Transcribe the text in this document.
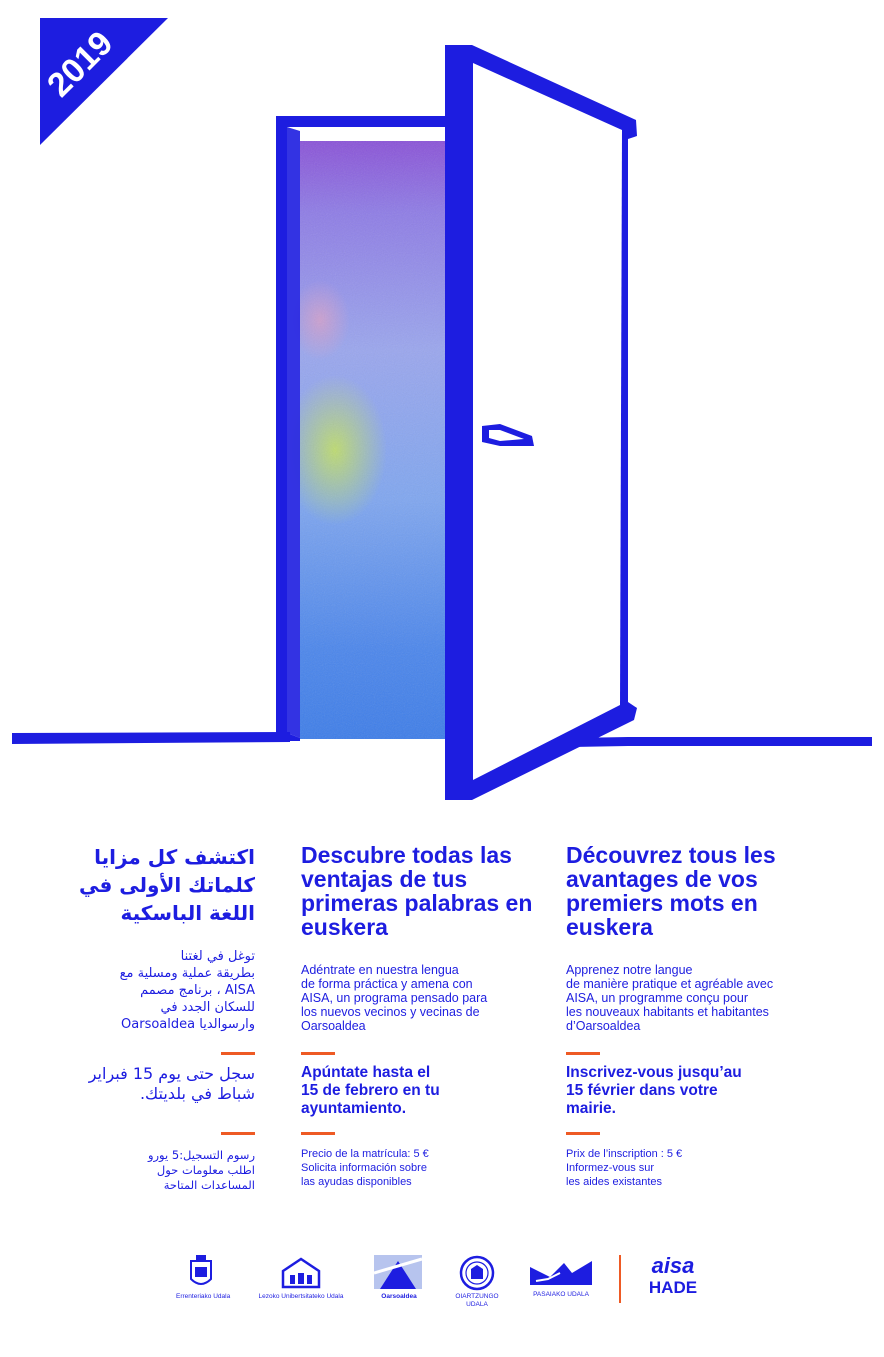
2019

اكتشف كل مزايا كلماتك الأولى في اللغة الباسكية

توغل في لغتنا
بطريقة عملية ومسلية مع
AISA ، برنامج مصمم
للسكان الجدد في
وارسوالديا Oarsoaldea

سجل حتى يوم 15 فبراير
شباط في بلديتك.

رسوم التسجيل:5 يورو
اطلب معلومات حول
المساعدات المتاحة

Descubre todas las ventajas de tus primeras palabras en euskera

Adéntrate en nuestra lengua
de forma práctica y amena con
AISA, un programa pensado para
los nuevos vecinos y vecinas de
Oarsoaldea

Apúntate hasta el
15 de febrero en tu
ayuntamiento.

Precio de la matrícula: 5 €
Solicita información sobre
las ayudas disponibles

Découvrez tous les avantages de vos premiers mots en euskera

Apprenez notre langue
de manière pratique et agréable avec
AISA, un programme conçu pour
les nouveaux habitants et habitantes
d’Oarsoaldea

Inscrivez-vous jusqu’au
15 février dans votre
mairie.

Prix de l’inscription : 5 €
Informez-vous sur
les aides existantes

Errenteriako Udala	Lezoko Unibertsitateko Udala	Oarsoaldea	OIARTZUNGO
UDALA
PASAIAKO UDALA
aisa
HADE
